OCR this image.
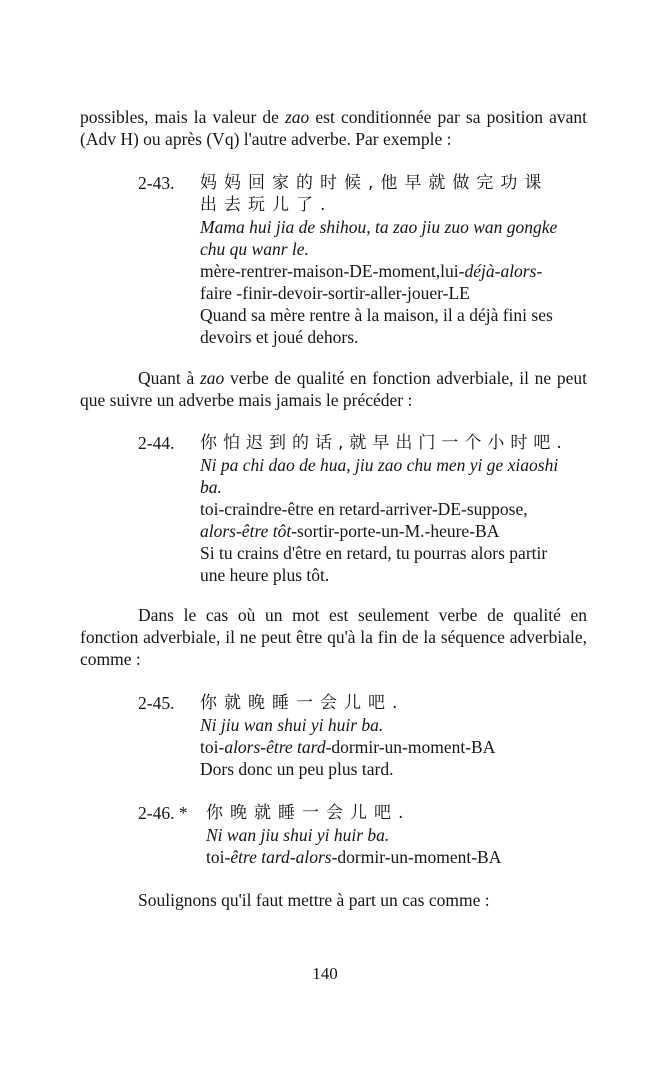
possibles, mais la valeur de zao est conditionnée par sa position avant (Adv H) ou après (Vq) l'autre adverbe. Par exemple :

2-43. 妈妈回家的时候,他早就做完功课
出去玩儿了.
Mama hui jia de shihou, ta zao jiu zuo wan gongke
chu qu wanr le.
mère-rentrer-maison-DE-moment,lui-déjà-alors-
faire -finir-devoir-sortir-aller-jouer-LE
Quand sa mère rentre à la maison, il a déjà fini ses
devoirs et joué dehors.

Quant à zao verbe de qualité en fonction adverbiale, il ne peut que suivre un adverbe mais jamais le précéder :

2-44. 你怕迟到的话,就早出门一个小时吧.
Ni pa chi dao de hua, jiu zao chu men yi ge xiaoshi
ba.
toi-craindre-être en retard-arriver-DE-suppose,
alors-être tôt-sortir-porte-un-M.-heure-BA
Si tu crains d'être en retard, tu pourras alors partir
une heure plus tôt.

Dans le cas où un mot est seulement verbe de qualité en fonction adverbiale, il ne peut être qu'à la fin de la séquence adverbiale, comme :

2-45. 你就晚睡一会儿吧.
Ni jiu wan shui yi huir ba.
toi-alors-être tard-dormir-un-moment-BA
Dors donc un peu plus tard.
2-46. * 你晚就睡一会儿吧.
Ni wan jiu shui yi huir ba.
toi-être tard-alors-dormir-un-moment-BA

Soulignons qu'il faut mettre à part un cas comme :

140
